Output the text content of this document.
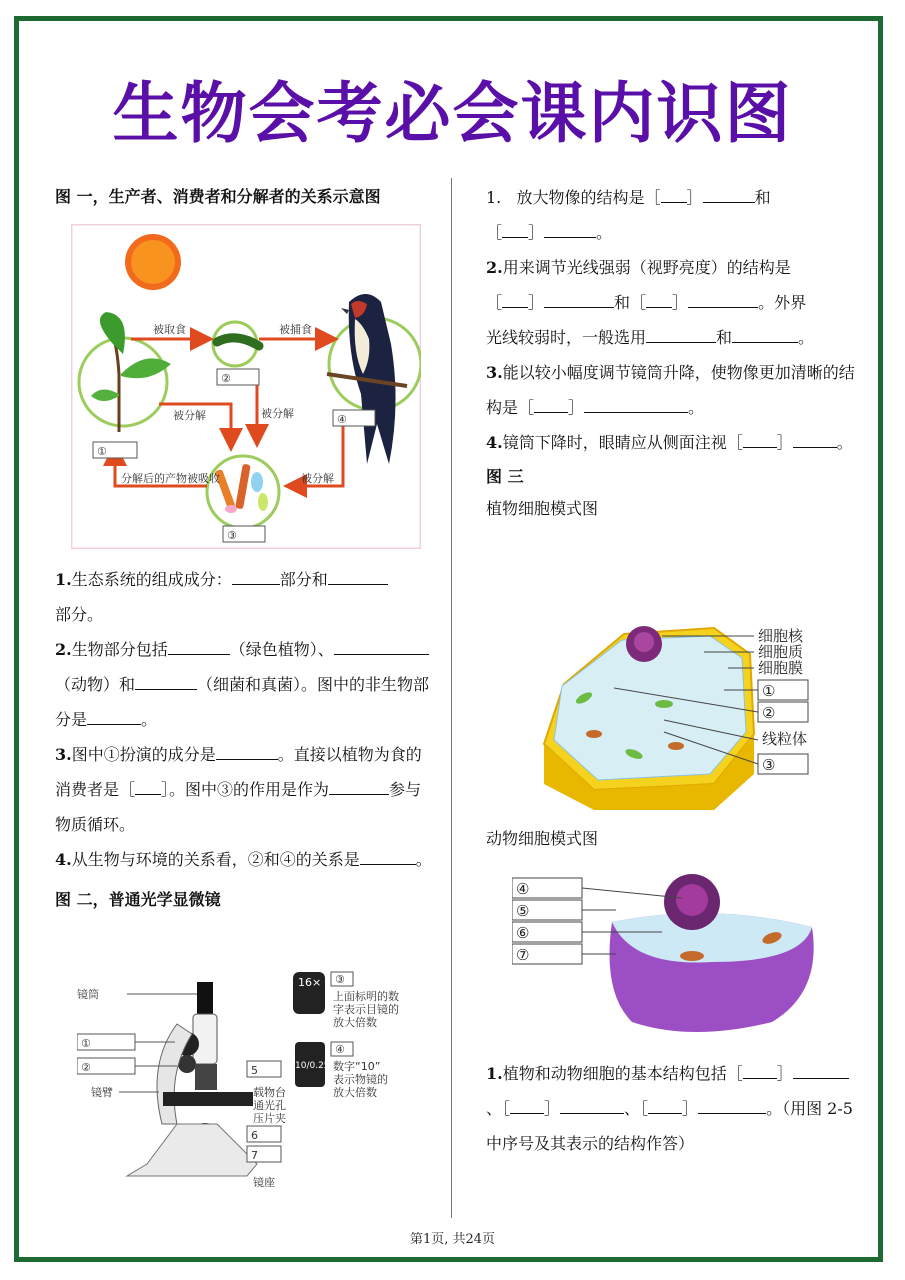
生物会考必会课内识图

图 一，生产者、消费者和分解者的关系示意图

被取食	被捕食
被分解	被分解
被分解
分解后的产物被吸收
②
④
①
③

1.生态系统的组成成分：	部分和
部分。

2.生物部分包括	（绿色植物）、（动物）和	（细菌和真菌）。图中的非生物部分是	。

3.图中①扮演的成分是	。直接以植物为食的消费者是［ ］。图中③的作用是作为	参与物质循环。

4.从生物与环境的关系看，②和④的关系是	。

图 二，普通光学显微镜

16×
10/0.25
镜筒
①
②
镜臂
5
载物台
通光孔
压片夹
6
7
镜座
③
上面标明的数
字表示目镜的
放大倍数
④
数字“10”
表示物镜的
放大倍数

1. 放大物像的结构是［ ］	和
［ ］	。

2.用来调节光线强弱（视野亮度）的结构是
［ ］	和［ ］	。外界
光线较弱时，一般选用	和	。

3.能以较小幅度调节镜筒升降，使物像更加清晰的结构是［ ］	。

4.镜筒下降时，眼睛应从侧面注视［ ］	。

图 三

植物细胞模式图

细胞核
细胞质
细胞膜
①
②
线粒体
③

动物细胞模式图

④
⑤
⑥
⑦

1.植物和动物细胞的基本结构包括［ ］、［ ］	、［ ］	。（用图 2-5 中序号及其表示的结构作答）

第1页, 共24页
